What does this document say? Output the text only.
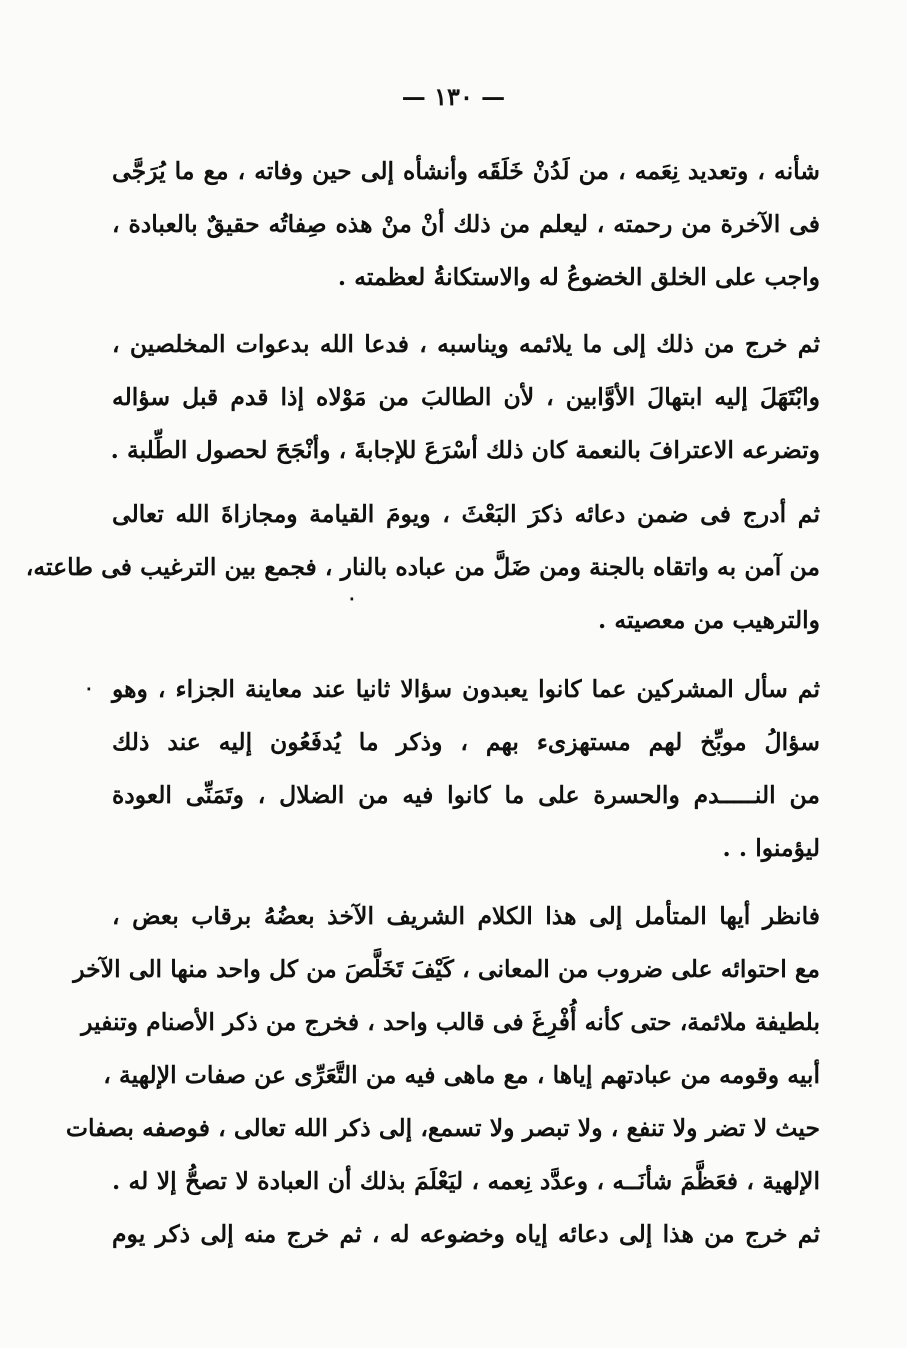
— ١٣٠ —
شأنه ، وتعديد نِعَمه ، من لَدُنْ خَلَقَه وأنشأه إلى حين وفاته ، مع ما يُرَجَّى
فى الآخرة من رحمته ، ليعلم من ذلك أنْ منْ هذه صِفاتُه حقيقٌ بالعبادة ،
واجب على الخلق الخضوعُ له والاستكانةُ لعظمته .
ثم خرج من ذلك إلى ما يلائمه ويناسبه ، فدعا الله بدعوات المخلصين ،
وابْتَهَلَ إليه ابتهالَ الأوَّابين ، لأن الطالبَ من مَوْلاه إذا قدم قبل سؤاله
وتضرعه الاعترافَ بالنعمة كان ذلك أسْرَعَ للإجابةَ ، وأنْجَحَ لحصول الطِّلبة .
ثم أدرج فى ضمن دعائه ذكرَ البَعْثَ ، ويومَ القيامة ومجازاةَ الله تعالى
من آمن به واتقاه بالجنة ومن ضَلَّ من عباده بالنار ، فجمع بين الترغيب فى طاعته،
والترهيب من معصيته .
ثم سأل المشركين عما كانوا يعبدون سؤالا ثانيا عند معاينة الجزاء ، وهو
سؤالُ موبِّخ لهم مستهزىء بهم ، وذكر ما يُدفَعُون إليه عند ذلك
من النـــــدم والحسرة على ما كانوا فيه من الضلال ، وتَمَنِّى العودة
ليؤمنوا . .
فانظر أيها المتأمل إلى هذا الكلام الشريف الآخذ بعضُهُ برقاب بعض ،
مع احتوائه على ضروب من المعانى ، كَيْفَ تَخَلَّصَ من كل واحد منها الى الآخر
بلطيفة ملائمة، حتى كأنه أُفْرِغَ فى قالب واحد ، فخرج من ذكر الأصنام وتنفير
أبيه وقومه من عبادتهم إياها ، مع ماهى فيه من التَّعَرِّى عن صفات الإلهية ،
حيث لا تضر ولا تنفع ، ولا تبصر ولا تسمع، إلى ذكر الله تعالى ، فوصفه بصفات
الإلهية ، فعَظَّمَ شأنَــه ، وعدَّد نِعمه ، ليَعْلَمَ بذلك أن العبادة لا تصحُّ إلا له .
ثم خرج من هذا إلى دعائه إياه وخضوعه له ، ثم خرج منه إلى ذكر يوم
٠
٠
